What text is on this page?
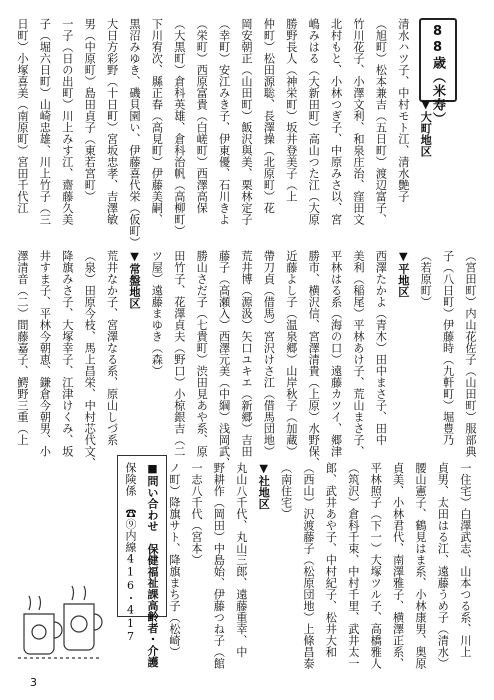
88歳（米寿）
日町）小塚喜美（南原町）宮田千代江 子（堀六日町）山崎忠雄、川上竹子（三 一子（日の出町）川上みす江、齋藤久美 男（中原町）島田貞子（東若宮町） 大日方彩野（十日町）宮坂忠孝、吉澤敏 黒沼みゆき、磯貝園い、伊藤喜代栄（仮町） 下川宥次、縣正春（高見町）伊藤美嗣、 （大黒町）倉科英雄、倉科治帆（高柳町） （栄町）西原富貴（白嵯町）西澤高保 （幸町）安江みき子、伊東優、石川きよ 岡安朝正（山田町）飯沢與美、栗林定子 仲町）松田源聡、長澤操（北原町）花 勝野長人（神栄町）坂井登美子（上 嶋みはる（大新田町）高山つた江（大原 北村もと、小林つぎ子、中原みさ以、宮 竹川花子、小澤文利、和泉庄治、窪田文 （旭町）松本兼吉（五日町）渡辺富子、 清水ハツ子、中村モト江、清水艶子 ▼大町地区
澤清音（二）間藤嘉子、鰐野三重（上 井すま子、平林今朝恵、鎌倉今朝男、小 降旗みさ子、大塚幸子、江津けくみ、坂 （泉）田原今枝、馬上昌栄、中村芯代文、 荒井なか子、宮澤なる系、原山しづ系 ▼常盤地区 ツ屋）遠藤まゆき（森） 田竹子、花澤貞夫（野口）小椋銀吉（二 勝山さだ子（七貴町）渋田見あや系、原 藤子（高瀬入）西澤元美（中綱）浅岡武、 荒井博（源汲）矢口ユキエ（新郷）吉田 帶刀貞（借馬）宮沢けさ江（借馬団地） 近藤よし子（温泉郷）山岸秋子（加蔵） 勝市、横沢信、宮澤清貴（上原）水野保、 平林はる系（海の口）遠藤カツイ、郷津 美利（稲尾）平林あけ子、荒山まさ子、 西澤たかよ（青木）田中まさ子、田中 ▼平地区 （若原町） 子（八日町）伊藤時（九軒町）堀豊乃 （宮田町）内山花佐子（山田町）服部典
一志八千代（宮本） 野耕作（岡田）中島始、伊藤つね子（館 丸山八千代、丸山三郎、遠藤重幸、中 ▼社地区 （南住宅） （西山）沢渡藤子（松原団地）上條昌泰 郎、武井あや子、中村紀子、松井大和 （筑沢）倉科千束、中村千里、武井太一 平林照子（下一）大塚ツル子、高橋雅人 貞美、小林君代、南澤雅子、横澤正系、 腰山憲子、鶴見はま系、小林康男、奥原 貞男、太田はる江、遠藤うめ子（清水） 一住宅）白澤武志、山本つる系、川上
ノ町）降旗サト、降旗まち子（松崎）
■問い合わせ　保健福祉課高齢者・介護
保険係　☎⑨内線416・417
3
